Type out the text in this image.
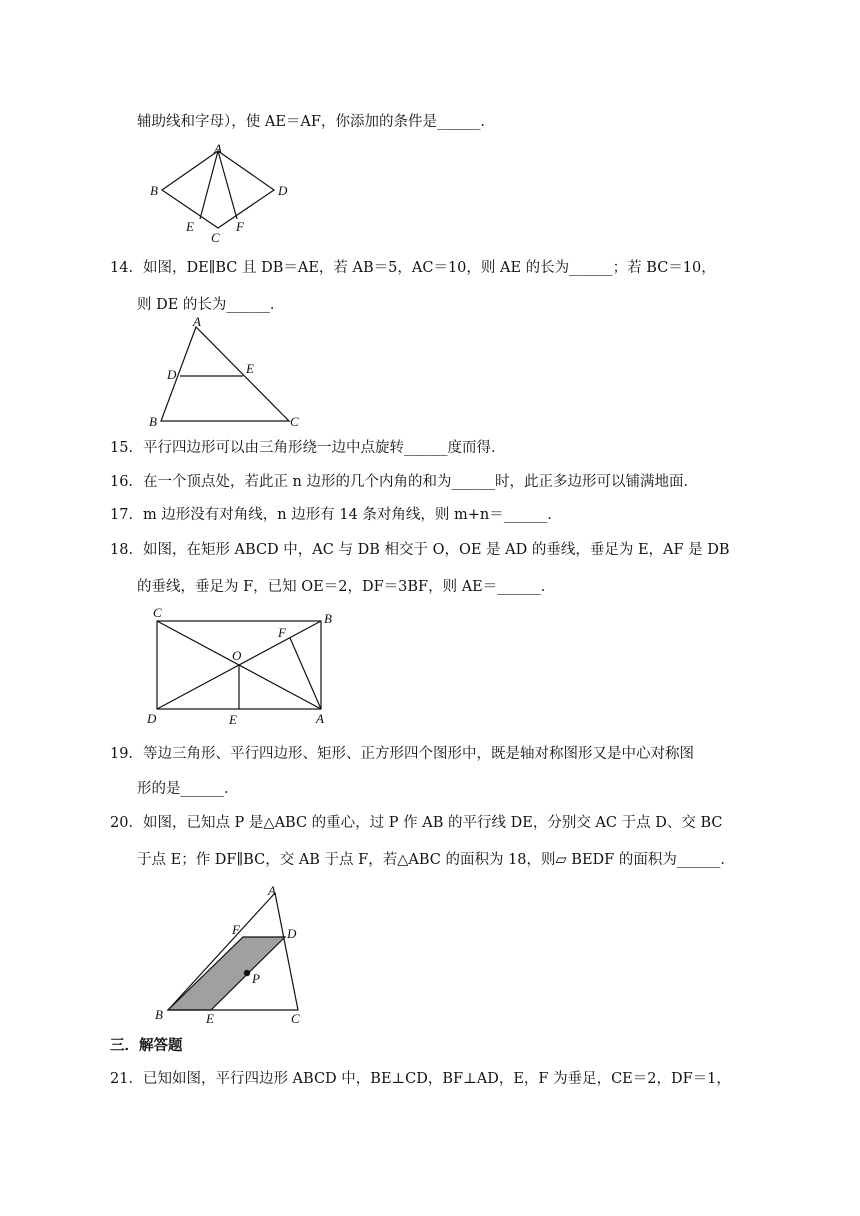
辅助线和字母），使 AE＝AF，你添加的条件是______．
A
B	D
E
C
F
14．如图，DE∥BC 且 DB＝AE，若 AB＝5，AC＝10，则 AE 的长为______；若 BC＝10，
则 DE 的长为______．
A
D	E
B	C
15．平行四边形可以由三角形绕一边中点旋转______度而得．
16．在一个顶点处，若此正 n 边形的几个内角的和为______时，此正多边形可以铺满地面．
17．m 边形没有对角线，n 边形有 14 条对角线，则 m+n＝______．
18．如图，在矩形 ABCD 中，AC 与 DB 相交于 O，OE 是 AD 的垂线，垂足为 E，AF 是 DB
的垂线，垂足为 F，已知 OE＝2，DF＝3BF，则 AE＝______．
C	B
F
O
D	E	A
19．等边三角形、平行四边形、矩形、正方形四个图形中，既是轴对称图形又是中心对称图
形的是______．
20．如图，已知点 P 是△ABC 的重心，过 P 作 AB 的平行线 DE，分别交 AC 于点 D、交 BC
于点 E；作 DF∥BC，交 AB 于点 F，若△ABC 的面积为 18，则▱ BEDF 的面积为______．
A
F	D
P
B	E	C
三．解答题
21．已知如图，平行四边形 ABCD 中，BE⊥CD，BF⊥AD，E，F 为垂足，CE＝2，DF＝1，
